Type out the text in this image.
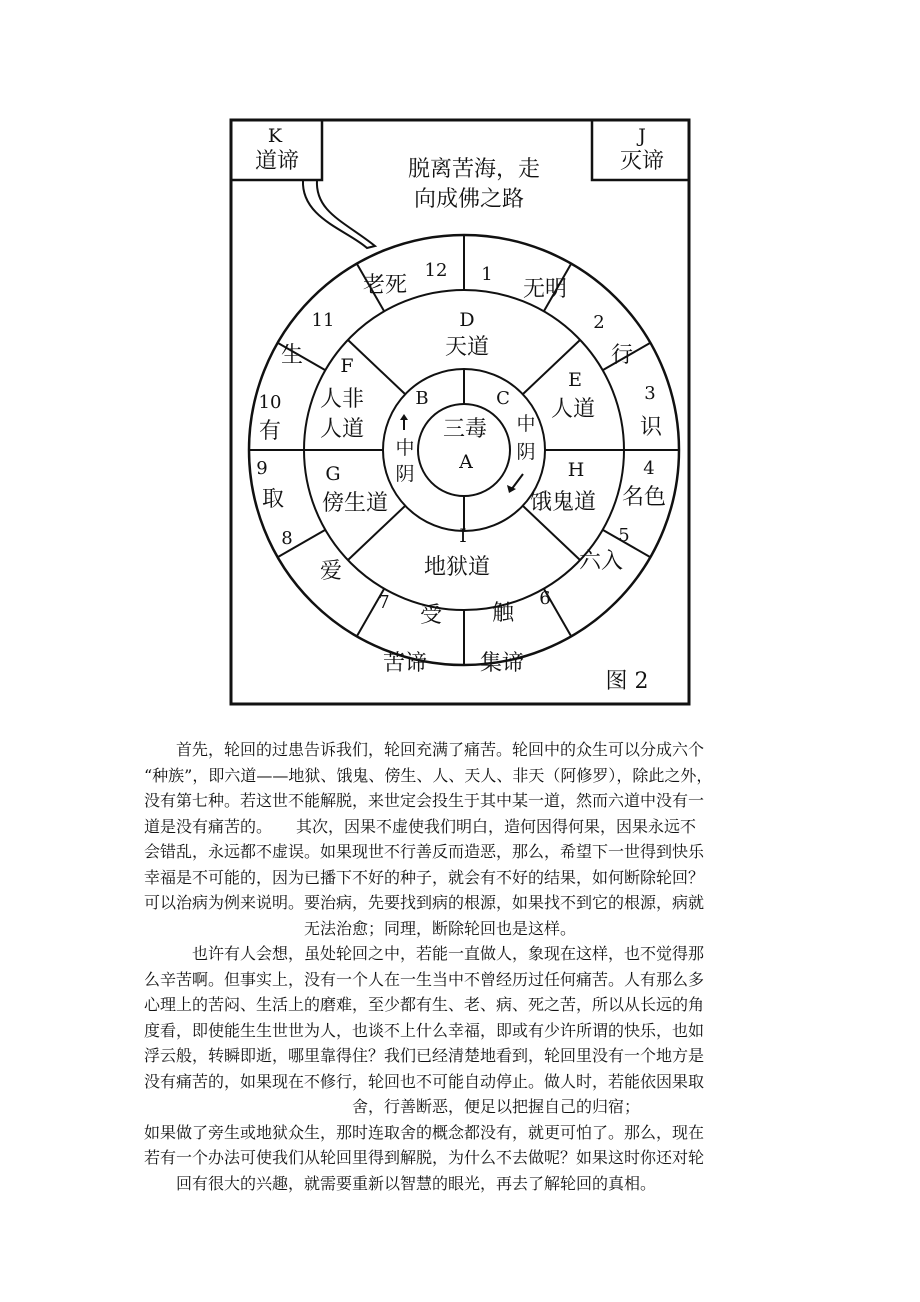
K
道谛
J
灭谛
脱离苦海，走
向成佛之路
三毒
A
B	C
中
阴
中
阴
D
天道
E
人道
F
人非
人道
G
傍生道
H
饿鬼道
I
地狱道
1
无明
2
行
3
识
4
名色
5
六入
6
触
7
受
8
爱
9
取
10
有
11
生
12
老死
苦谛 集谛
图 2

　　首先，轮回的过患告诉我们，轮回充满了痛苦。轮回中的众生可以分成六个

“种族”，即六道——地狱、饿鬼、傍生、人、天人、非天（阿修罗），除此之外，

没有第七种。若这世不能解脱，来世定会投生于其中某一道，然而六道中没有一

道是没有痛苦的。　　其次，因果不虚使我们明白，造何因得何果，因果永远不

会错乱，永远都不虚误。如果现世不行善反而造恶，那么，希望下一世得到快乐

幸福是不可能的，因为已播下不好的种子，就会有不好的结果，如何断除轮回？

可以治病为例来说明。要治病，先要找到病的根源，如果找不到它的根源，病就

　　　　　　　　　　无法治愈；同理，断除轮回也是这样。

　　　也许有人会想，虽处轮回之中，若能一直做人，象现在这样，也不觉得那

么辛苦啊。但事实上，没有一个人在一生当中不曾经历过任何痛苦。人有那么多

心理上的苦闷、生活上的磨难，至少都有生、老、病、死之苦，所以从长远的角

度看，即使能生生世世为人，也谈不上什么幸福，即或有少许所谓的快乐，也如

浮云般，转瞬即逝，哪里靠得住？我们已经清楚地看到，轮回里没有一个地方是

没有痛苦的，如果现在不修行，轮回也不可能自动停止。做人时，若能依因果取

　　　　　　　　　　　　　舍，行善断恶，便足以把握自己的归宿；

如果做了旁生或地狱众生，那时连取舍的概念都没有，就更可怕了。那么，现在

若有一个办法可使我们从轮回里得到解脱，为什么不去做呢？如果这时你还对轮

　　回有很大的兴趣，就需要重新以智慧的眼光，再去了解轮回的真相。
